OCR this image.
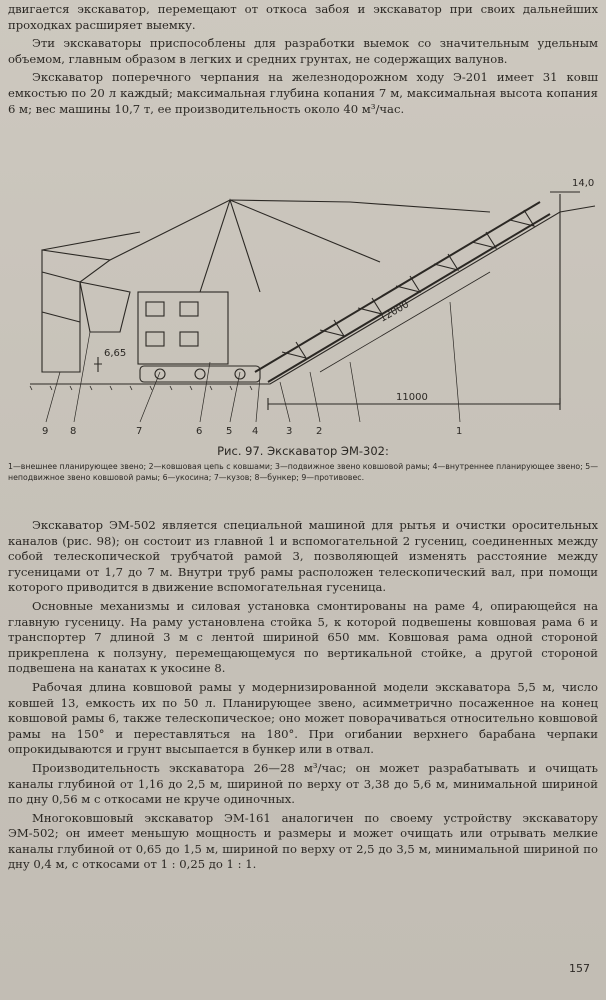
двигается экскаватор, перемещают от откоса забоя и экскаватор при своих дальнейших проходках расширяет выемку.

Эти экскаваторы приспособлены для разработки выемок со значительным удельным объемом, главным образом в легких и средних грунтах, не содержащих валунов.

Экскаватор поперечного черпания на железнодорожном ходу Э-201 имеет 31 ковш емкостью по 20 л каждый; максимальная глубина копания 7 м, максимальная высота копания 6 м; вес машины 10,7 т, ее производительность около 40 м³/час.

14,0
6,65
12000
11000
9 8	7	6 5 4	3 2	1
Рис. 97. Экскаватор ЭМ-302:
1—внешнее планирующее звено; 2—ковшовая цепь с ковшами; 3—подвижное звено ковшовой рамы; 4—внутреннее планирующее звено; 5—неподвижное звено ковшовой рамы; 6—укосина; 7—кузов; 8—бункер; 9—противовес.

Экскаватор ЭМ-502 является специальной машиной для рытья и очистки оросительных каналов (рис. 98); он состоит из главной 1 и вспомогательной 2 гусениц, соединенных между собой телескопической трубчатой рамой 3, позволяющей изменять расстояние между гусеницами от 1,7 до 7 м. Внутри труб рамы расположен телескопический вал, при помощи которого приводится в движение вспомогательная гусеница.

Основные механизмы и силовая установка смонтированы на раме 4, опирающейся на главную гусеницу. На раму установлена стойка 5, к которой подвешены ковшовая рама 6 и транспортер 7 длиной 3 м с лентой шириной 650 мм. Ковшовая рама одной стороной прикреплена к ползуну, перемещающемуся по вертикальной стойке, а другой стороной подвешена на канатах к укосине 8.

Рабочая длина ковшовой рамы у модернизированной модели экскаватора 5,5 м, число ковшей 13, емкость их по 50 л. Планирующее звено, асимметрично посаженное на конец ковшовой рамы 6, также телескопическое; оно может поворачиваться относительно ковшовой рамы на 150° и переставляться на 180°. При огибании верхнего барабана черпаки опрокидываются и грунт высыпается в бункер или в отвал.

Производительность экскаватора 26—28 м³/час; он может разрабатывать и очищать каналы глубиной от 1,16 до 2,5 м, шириной по верху от 3,38 до 5,6 м, минимальной шириной по дну 0,56 м с откосами не круче одиночных.

Многоковшовый экскаватор ЭМ-161 аналогичен по своему устройству экскаватору ЭМ-502; он имеет меньшую мощность и размеры и может очищать или отрывать мелкие каналы глубиной от 0,65 до 1,5 м, шириной по верху от 2,5 до 3,5 м, минимальной шириной по дну 0,4 м, с откосами от 1 : 0,25 до 1 : 1.

157
